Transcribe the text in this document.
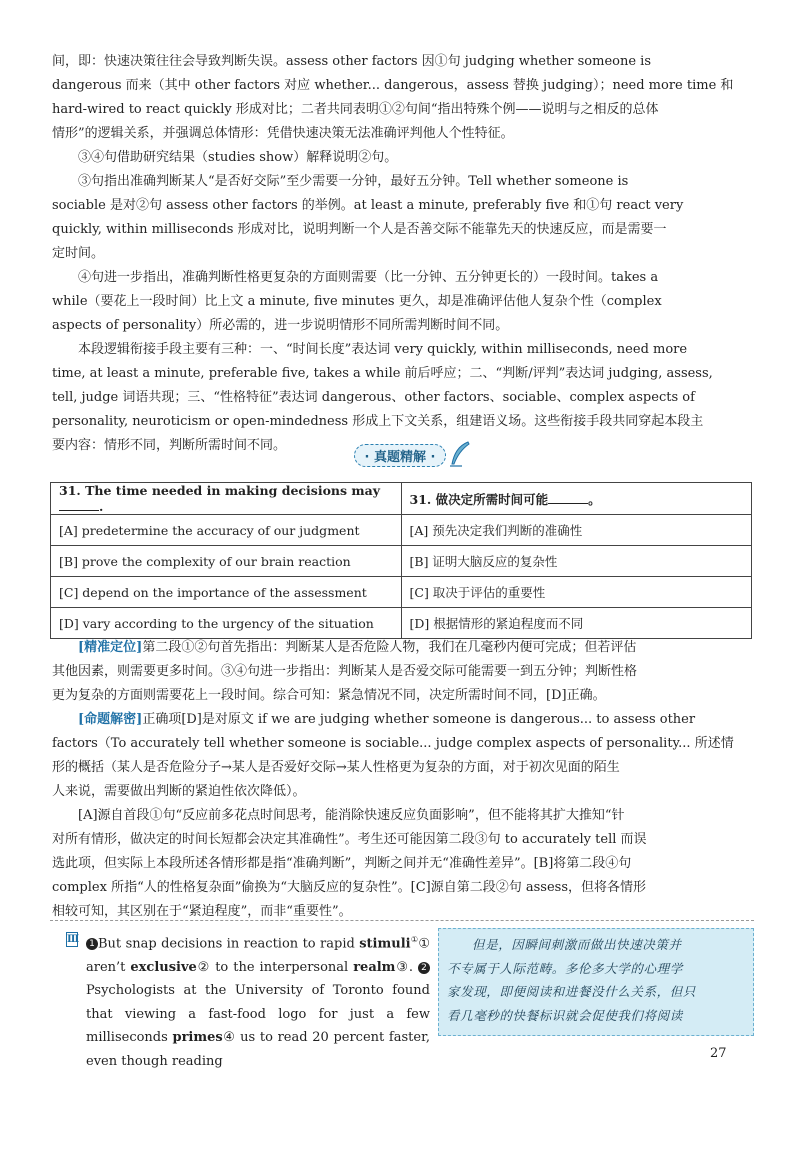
间，即：快速决策往往会导致判断失误。assess other factors 因①句 judging whether someone is
dangerous 而来（其中 other factors 对应 whether... dangerous，assess 替换 judging）；need more time 和
hard-wired to react quickly 形成对比；二者共同表明①②句间“指出特殊个例——说明与之相反的总体
情形”的逻辑关系，并强调总体情形：凭借快速决策无法准确评判他人个性特征。

③④句借助研究结果（studies show）解释说明②句。

③句指出准确判断某人“是否好交际”至少需要一分钟，最好五分钟。Tell whether someone is
sociable 是对②句 assess other factors 的举例。at least a minute, preferably five 和①句 react very
quickly, within milliseconds 形成对比，说明判断一个人是否善交际不能靠先天的快速反应，而是需要一
定时间。

④句进一步指出，准确判断性格更复杂的方面则需要（比一分钟、五分钟更长的）一段时间。takes a
while（要花上一段时间）比上文 a minute, five minutes 更久，却是准确评估他人复杂个性（complex
aspects of personality）所必需的，进一步说明情形不同所需判断时间不同。

本段逻辑衔接手段主要有三种：一、“时间长度”表达词 very quickly, within milliseconds, need more
time, at least a minute, preferable five, takes a while 前后呼应；二、“判断/评判”表达词 judging, assess,
tell, judge 词语共现；三、“性格特征”表达词 dangerous、other factors、sociable、complex aspects of
personality, neuroticism or open-mindedness 形成上下文关系，组建语义场。这些衔接手段共同穿起本段主
要内容：情形不同，判断所需时间不同。

· 真题精解 ·
31. The time needed in making decisions may .	31. 做决定所需时间可能 。
[A] predetermine the accuracy of our judgment	[A] 预先决定我们判断的准确性
[B] prove the complexity of our brain reaction	[B] 证明大脑反应的复杂性
[C] depend on the importance of the assessment	[C] 取决于评估的重要性
[D] vary according to the urgency of the situation	[D] 根据情形的紧迫程度而不同

[精准定位]第二段①②句首先指出：判断某人是否危险人物，我们在几毫秒内便可完成；但若评估
其他因素，则需要更多时间。③④句进一步指出：判断某人是否爱交际可能需要一到五分钟；判断性格
更为复杂的方面则需要花上一段时间。综合可知：紧急情况不同，决定所需时间不同，[D]正确。

[命题解密]正确项[D]是对原文 if we are judging whether someone is dangerous... to assess other
factors（To accurately tell whether someone is sociable... judge complex aspects of personality... 所述情
形的概括（某人是否危险分子→某人是否爱好交际→某人性格更为复杂的方面，对于初次见面的陌生
人来说，需要做出判断的紧迫性依次降低）。

[A]源自首段①句“反应前多花点时间思考，能消除快速反应负面影响”，但不能将其扩大推知“针
对所有情形，做决定的时间长短都会决定其准确性”。考生还可能因第二段③句 to accurately tell 而误
选此项，但实际上本段所述各情形都是指“准确判断”，判断之间并无“准确性差异”。[B]将第二段④句
complex 所指“人的性格复杂面”偷换为“大脑反应的复杂性”。[C]源自第二段②句 assess，但将各情形
相较可知，其区别在于“紧迫程度”，而非“重要性”。

Ⅲ	1 But snap decisions in reaction to rapid stimuli①① aren’t exclusive② to the interpersonal realm③. 2 Psychologists at the University of Toronto found that viewing a fast-food logo for just a few milliseconds primes④ us to read 20 percent faster, even though reading

但是，因瞬间刺激而做出快速决策并
不专属于人际范畴。多伦多大学的心理学
家发现，即便阅读和进餐没什么关系，但只
看几毫秒的快餐标识就会促使我们将阅读
27
